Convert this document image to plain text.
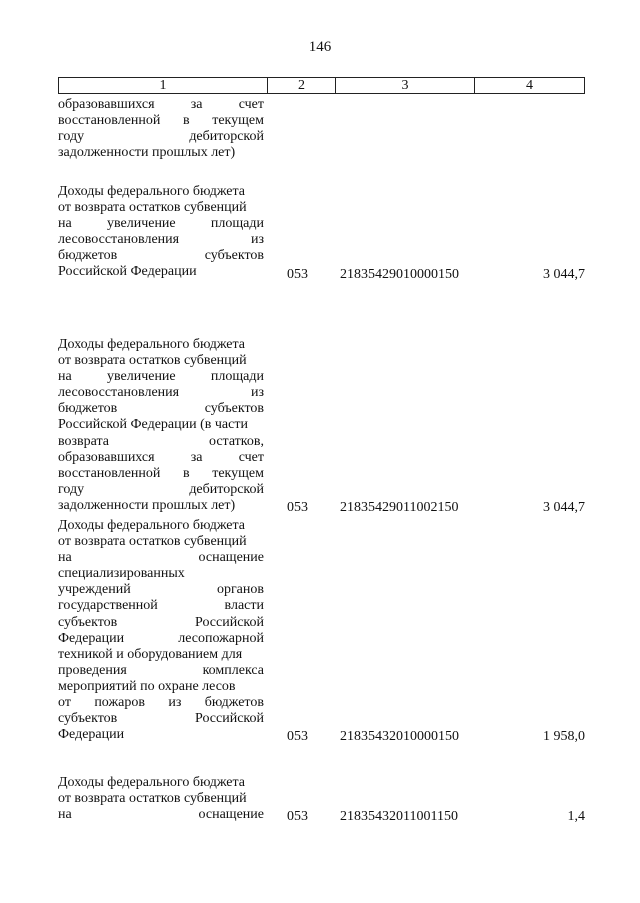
146
1	2	3	4
образовавшихся	за	счет
восстановленной в текущем
году	дебиторской
задолженности прошлых лет)
Доходы федерального бюджета
от возврата остатков субвенций
на	увеличение	площади
лесовосстановления	из
бюджетов	субъектов
Российской Федерации	053 21835429010000150	3 044,7
Доходы федерального бюджета
от возврата остатков субвенций
на	увеличение	площади
лесовосстановления	из
бюджетов	субъектов
Российской Федерации (в части
возврата	остатков,
образовавшихся	за	счет
восстановленной в текущем
году	дебиторской
задолженности прошлых лет)	053 21835429011002150	3 044,7
Доходы федерального бюджета
от возврата остатков субвенций
на	оснащение
специализированных
учреждений	органов
государственной	власти
субъектов	Российской
Федерации	лесопожарной
техникой и оборудованием для
проведения	комплекса
мероприятий по охране лесов
от пожаров из бюджетов
субъектов	Российской
Федерации	053 21835432010000150	1 958,0
Доходы федерального бюджета
от возврата остатков субвенций
на	оснащение 053 21835432011001150	1,4
